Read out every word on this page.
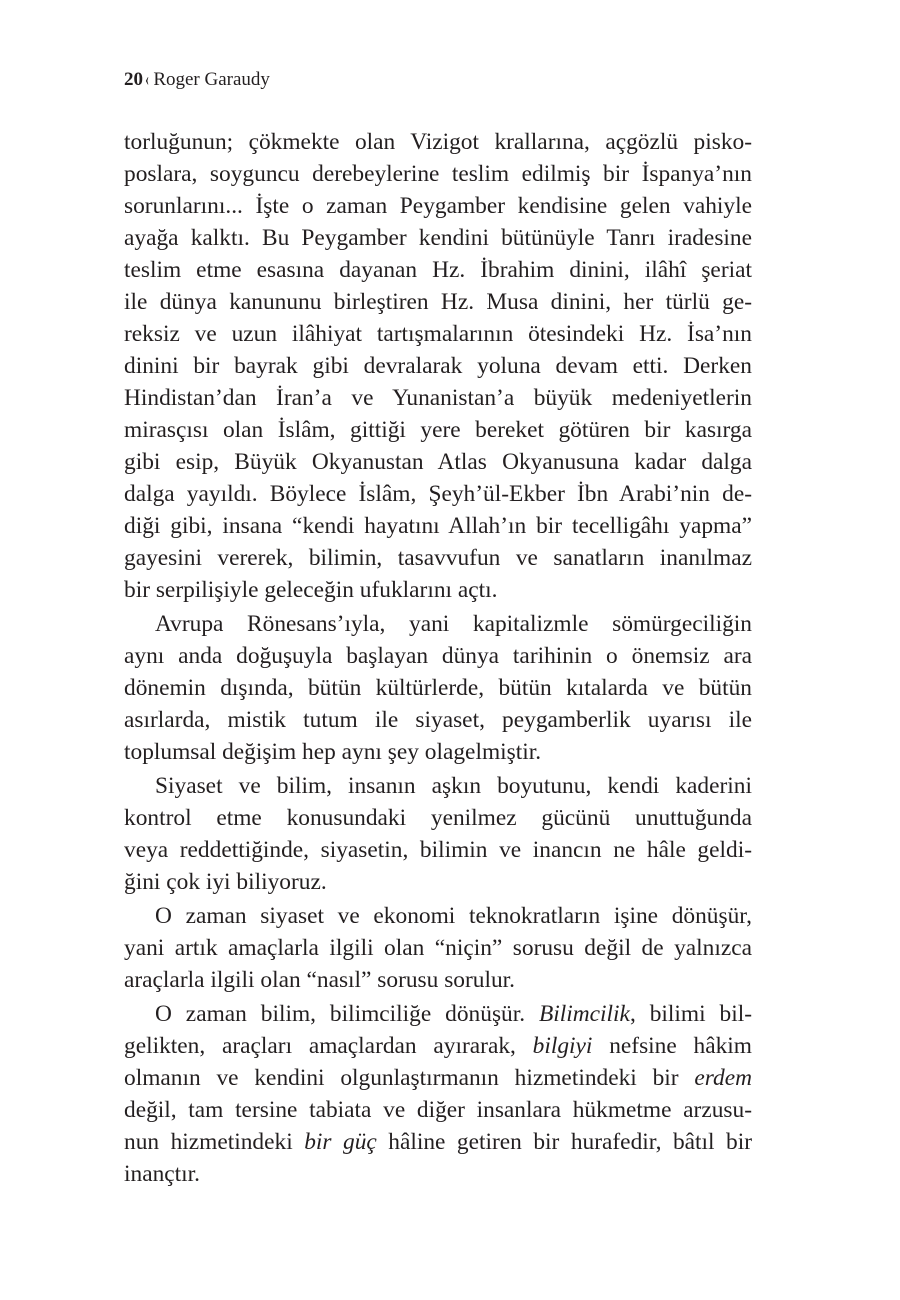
20 ‹ Roger Garaudy
torluğunun; çökmekte olan Vizigot krallarına, açgözlü pisko-
poslara, soyguncu derebeylerine teslim edilmiş bir İspanya’nın
sorunlarını... İşte o zaman Peygamber kendisine gelen vahiyle
ayağa kalktı. Bu Peygamber kendini bütünüyle Tanrı iradesine
teslim etme esasına dayanan Hz. İbrahim dinini, ilâhî şeriat
ile dünya kanununu birleştiren Hz. Musa dinini, her türlü ge-
reksiz ve uzun ilâhiyat tartışmalarının ötesindeki Hz. İsa’nın
dinini bir bayrak gibi devralarak yoluna devam etti. Derken
Hindistan’dan İran’a ve Yunanistan’a büyük medeniyetlerin
mirasçısı olan İslâm, gittiği yere bereket götüren bir kasırga
gibi esip, Büyük Okyanustan Atlas Okyanusuna kadar dalga
dalga yayıldı. Böylece İslâm, Şeyh’ül-Ekber İbn Arabi’nin de-
diği gibi, insana “kendi hayatını Allah’ın bir tecelligâhı yapma”
gayesini vererek, bilimin, tasavvufun ve sanatların inanılmaz
bir serpilişiyle geleceğin ufuklarını açtı.
Avrupa Rönesans’ıyla, yani kapitalizmle sömürgeciliğin
aynı anda doğuşuyla başlayan dünya tarihinin o önemsiz ara
dönemin dışında, bütün kültürlerde, bütün kıtalarda ve bütün
asırlarda, mistik tutum ile siyaset, peygamberlik uyarısı ile
toplumsal değişim hep aynı şey olagelmiştir.
Siyaset ve bilim, insanın aşkın boyutunu, kendi kaderini
kontrol etme konusundaki yenilmez gücünü unuttuğunda
veya reddettiğinde, siyasetin, bilimin ve inancın ne hâle geldi-
ğini çok iyi biliyoruz.
O zaman siyaset ve ekonomi teknokratların işine dönüşür,
yani artık amaçlarla ilgili olan “niçin” sorusu değil de yalnızca
araçlarla ilgili olan “nasıl” sorusu sorulur.
O zaman bilim, bilimciliğe dönüşür. Bilimcilik, bilimi bil-
gelikten, araçları amaçlardan ayırarak, bilgiyi nefsine hâkim
olmanın ve kendini olgunlaştırmanın hizmetindeki bir erdem
değil, tam tersine tabiata ve diğer insanlara hükmetme arzusu-
nun hizmetindeki bir güç hâline getiren bir hurafedir, bâtıl bir
inançtır.
